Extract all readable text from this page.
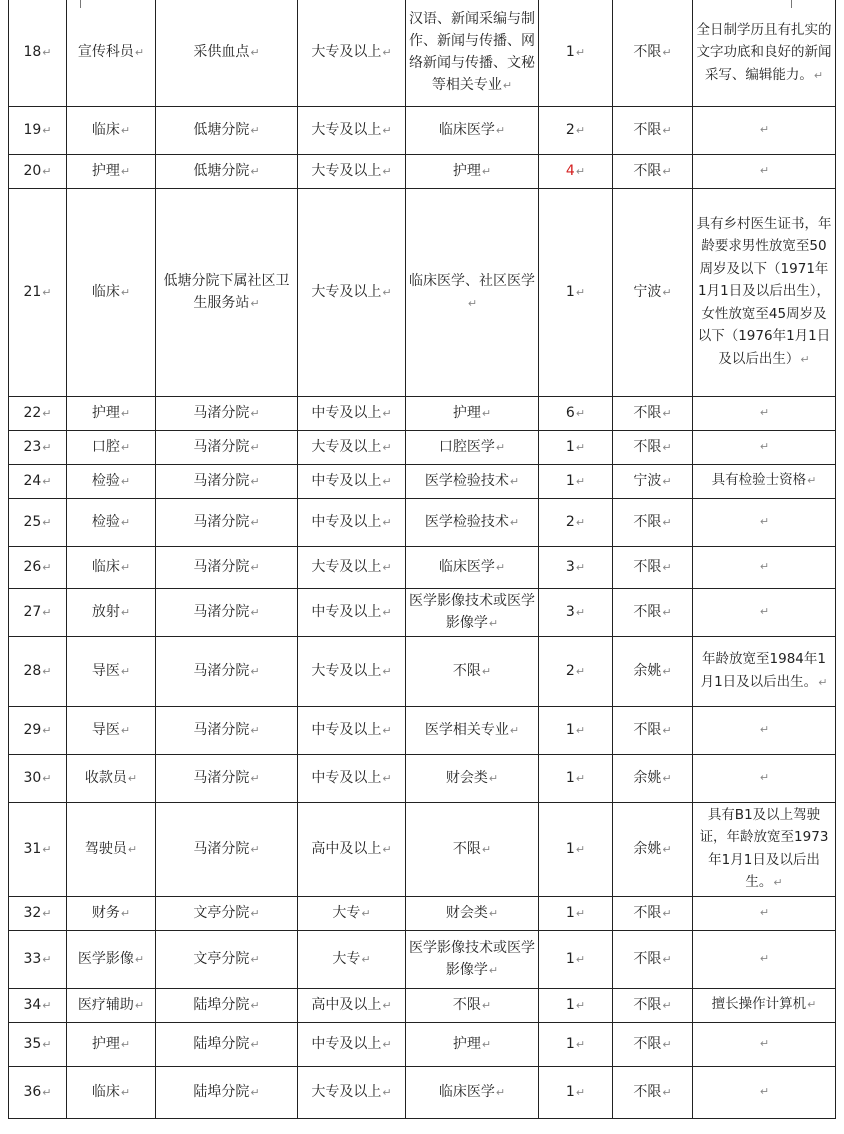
18↵	宣传科员↵	采供血点↵	大专及以上↵	汉语、新闻采编与制作、新闻与传播、网络新闻与传播、文秘等相关专业↵	1↵	不限↵	全日制学历且有扎实的文字功底和良好的新闻采写、编辑能力。↵
19↵	临床↵	低塘分院↵	大专及以上↵	临床医学↵	2↵	不限↵	↵
20↵	护理↵	低塘分院↵	大专及以上↵	护理↵	4↵	不限↵	↵
21↵	临床↵	低塘分院下属社区卫生服务站↵	大专及以上↵	临床医学、社区医学↵	1↵	宁波↵	具有乡村医生证书，年龄要求男性放宽至50周岁及以下（1971年1月1日及以后出生），女性放宽至45周岁及以下（1976年1月1日及以后出生）↵
22↵	护理↵	马渚分院↵	中专及以上↵	护理↵	6↵	不限↵	↵
23↵	口腔↵	马渚分院↵	大专及以上↵	口腔医学↵	1↵	不限↵	↵
24↵	检验↵	马渚分院↵	中专及以上↵	医学检验技术↵	1↵	宁波↵	具有检验士资格↵
25↵	检验↵	马渚分院↵	中专及以上↵	医学检验技术↵	2↵	不限↵	↵
26↵	临床↵	马渚分院↵	大专及以上↵	临床医学↵	3↵	不限↵	↵
27↵	放射↵	马渚分院↵	中专及以上↵	医学影像技术或医学影像学↵	3↵	不限↵	↵
28↵	导医↵	马渚分院↵	大专及以上↵	不限↵	2↵	余姚↵	年龄放宽至1984年1月1日及以后出生。↵
29↵	导医↵	马渚分院↵	中专及以上↵	医学相关专业↵	1↵	不限↵	↵
30↵	收款员↵	马渚分院↵	中专及以上↵	财会类↵	1↵	余姚↵	↵
31↵	驾驶员↵	马渚分院↵	高中及以上↵	不限↵	1↵	余姚↵	具有B1及以上驾驶证，年龄放宽至1973年1月1日及以后出生。↵
32↵	财务↵	文亭分院↵	大专↵	财会类↵	1↵	不限↵	↵
33↵	医学影像↵	文亭分院↵	大专↵	医学影像技术或医学影像学↵	1↵	不限↵	↵
34↵	医疗辅助↵	陆埠分院↵	高中及以上↵	不限↵	1↵	不限↵	擅长操作计算机↵
35↵	护理↵	陆埠分院↵	中专及以上↵	护理↵	1↵	不限↵	↵
36↵	临床↵	陆埠分院↵	大专及以上↵	临床医学↵	1↵	不限↵	↵
